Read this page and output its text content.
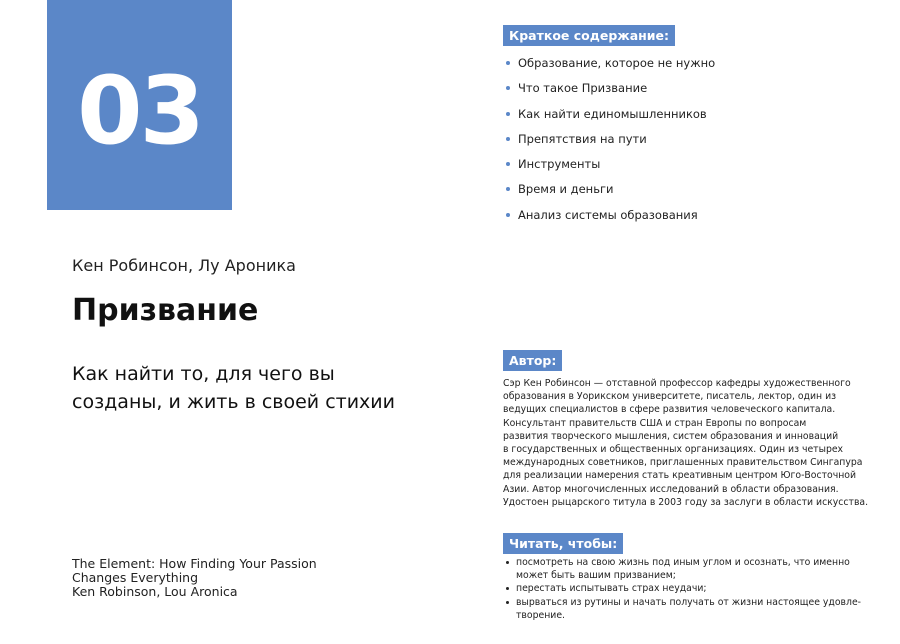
03
Кен Робинсон, Лу Ароника
Призвание
Как найти то, для чего вы созданы, и жить в своей стихии
The Element: How Finding Your Passion
Changes Everything
Ken Robinson, Lou Aronica
Краткое содержание:
Образование, которое не нужно
Что такое Призвание
Как найти единомышленников
Препятствия на пути
Инструменты
Время и деньги
Анализ системы образования
Автор:
Сэр Кен Робинсон — отставной профессор кафедры художественного
образования в Уорикском университете, писатель, лектор, один из
ведущих специалистов в сфере развития человеческого капитала.
Консультант правительств США и стран Европы по вопросам
развития творческого мышления, систем образования и инноваций
в государственных и общественных организациях. Один из четырех
международных советников, приглашенных правительством Сингапура
для реализации намерения стать креативным центром Юго-Восточной
Азии. Автор многочисленных исследований в области образования.
Удостоен рыцарского титула в 2003 году за заслуги в области искусства.
Читать, чтобы:
посмотреть на свою жизнь под иным углом и осознать, что именно
может быть вашим призванием;
перестать испытывать страх неудачи;
вырваться из рутины и начать получать от жизни настоящее удовле-
творение.
